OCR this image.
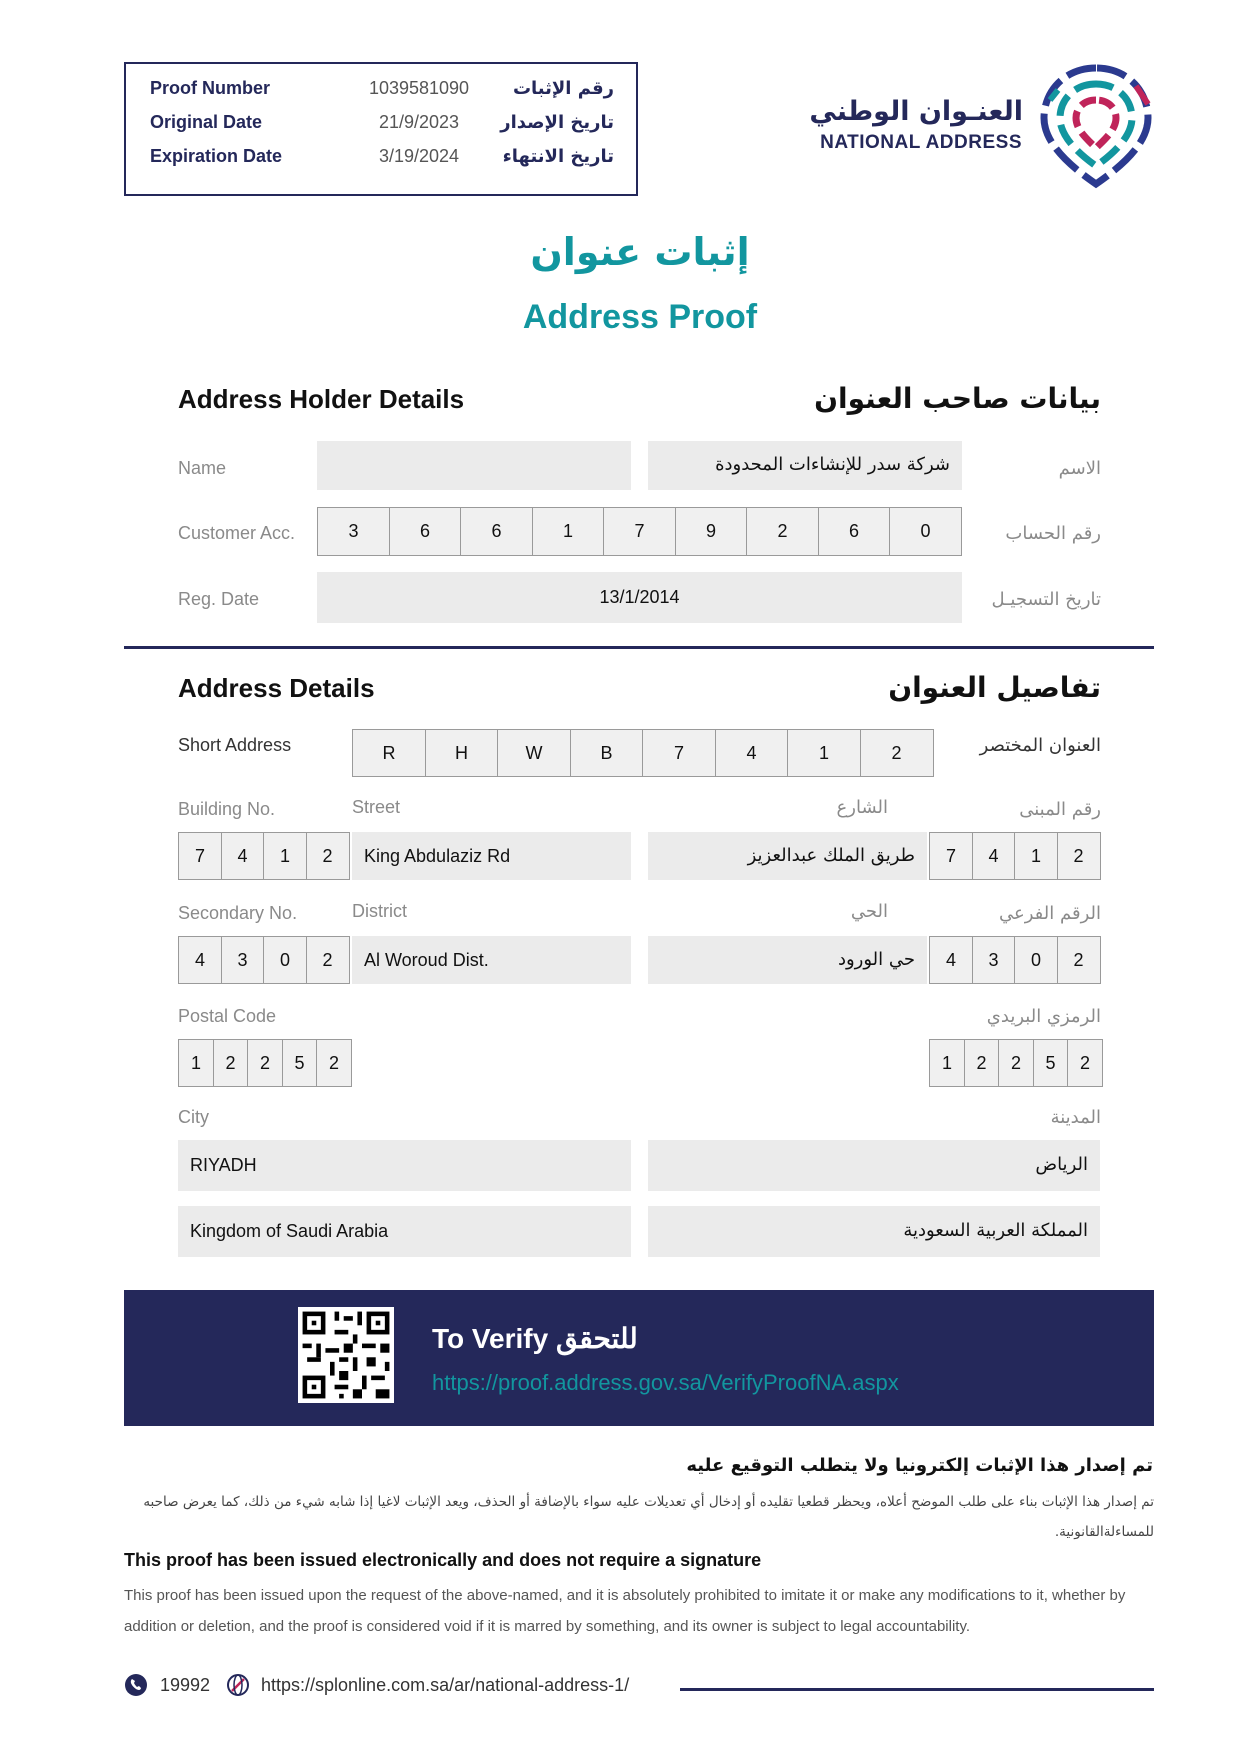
Proof Number	1039581090	رقم الإثبات
Original Date	21/9/2023	تاريخ الإصدار
Expiration Date	3/19/2024	تاريخ الانتهاء
العنـوان الوطني
NATIONAL ADDRESS
إثبات عنوان
Address Proof
Address Holder Details	بيانات صاحب العنوان
Name	شركة سدر للإنشاءات المحدودة	الاسم
Customer Acc.	3	6	6	1	7	9	2	6	0	رقم الحساب
Reg. Date	13/1/2014	تاريخ التسجيـل
Address Details	تفاصيل العنوان
Short Address	R	H	W	B	7	4	1	2	العنوان المختصر
Building No.	Street	الشارع	رقم المبنى
7	4	1	2	King Abdulaziz Rd	طريق الملك عبدالعزيز	7	4	1	2
Secondary No.	District	الحي	الرقم الفرعي
4	3	0	2	Al Woroud Dist.	حي الورود	4	3	0	2
Postal Code	الرمزي البريدي
1	2	2	5	2	1	2	2	5	2
City	المدينة
RIYADH	الرياض
Kingdom of Saudi Arabia	المملكة العربية السعودية
To Verify للتحقق
https://proof.address.gov.sa/VerifyProofNA.aspx
تم إصدار هذا الإثبات إلكترونيا ولا يتطلب التوقيع عليه
تم إصدار هذا الإثبات بناء على طلب الموضح أعلاه، ويحظر قطعيا تقليده أو إدخال أي تعديلات عليه سواء بالإضافة أو الحذف، ويعد الإثبات لاغيا إذا شابه شيء من ذلك، كما يعرض صاحبه للمساءلةالقانونية.
This proof has been issued electronically and does not require a signature
This proof has been issued upon the request of the above-named, and it is absolutely prohibited to imitate it or make any modifications to it, whether by addition or deletion, and the proof is considered void if it is marred by something, and its owner is subject to legal accountability.
19992	https://splonline.com.sa/ar/national-address-1/
